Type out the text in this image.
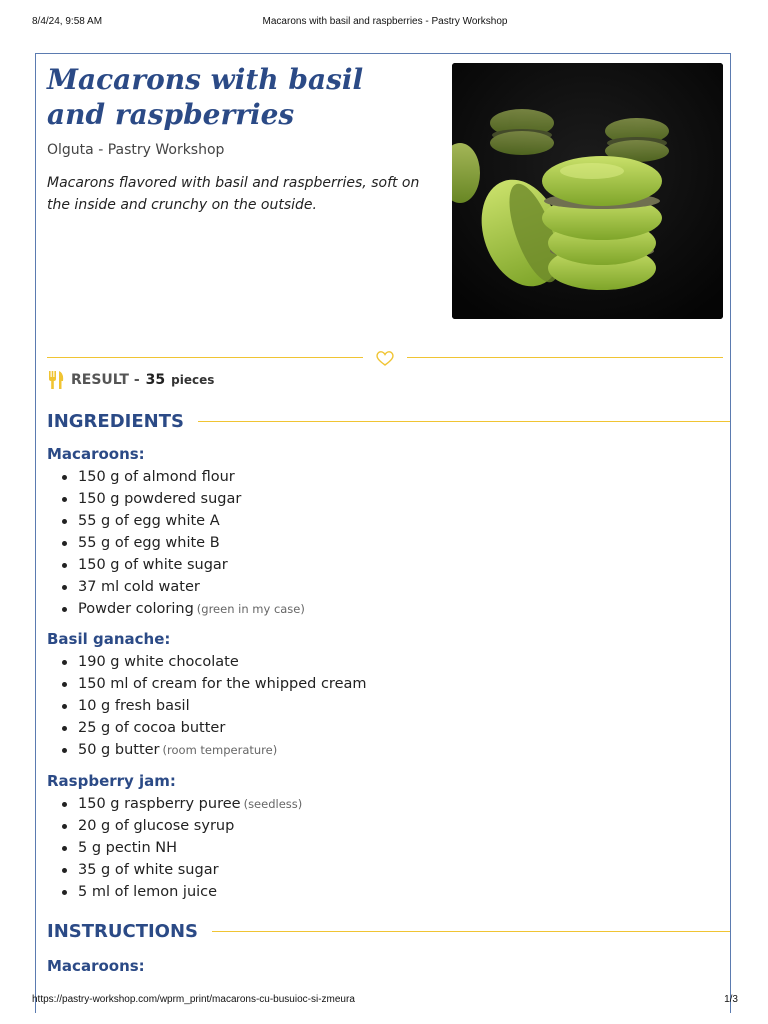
8/4/24, 9:58 AM	Macarons with basil and raspberries - Pastry Workshop
Macarons with basil and raspberries
Olguta - Pastry Workshop

Macarons flavored with basil and raspberries, soft on the inside and crunchy on the outside.

RESULT - 35 pieces
INGREDIENTS
Macaroons:
150 g of almond flour
150 g powdered sugar
55 g of egg white A
55 g of egg white B
150 g of white sugar
37 ml cold water
Powder coloring (green in my case)
Basil ganache:
190 g white chocolate
150 ml of cream for the whipped cream
10 g fresh basil
25 g of cocoa butter
50 g butter (room temperature)
Raspberry jam:
150 g raspberry puree (seedless)
20 g of glucose syrup
5 g pectin NH
35 g of white sugar
5 ml of lemon juice
INSTRUCTIONS
Macaroons:
https://pastry-workshop.com/wprm_print/macarons-cu-busuioc-si-zmeura	1/3
